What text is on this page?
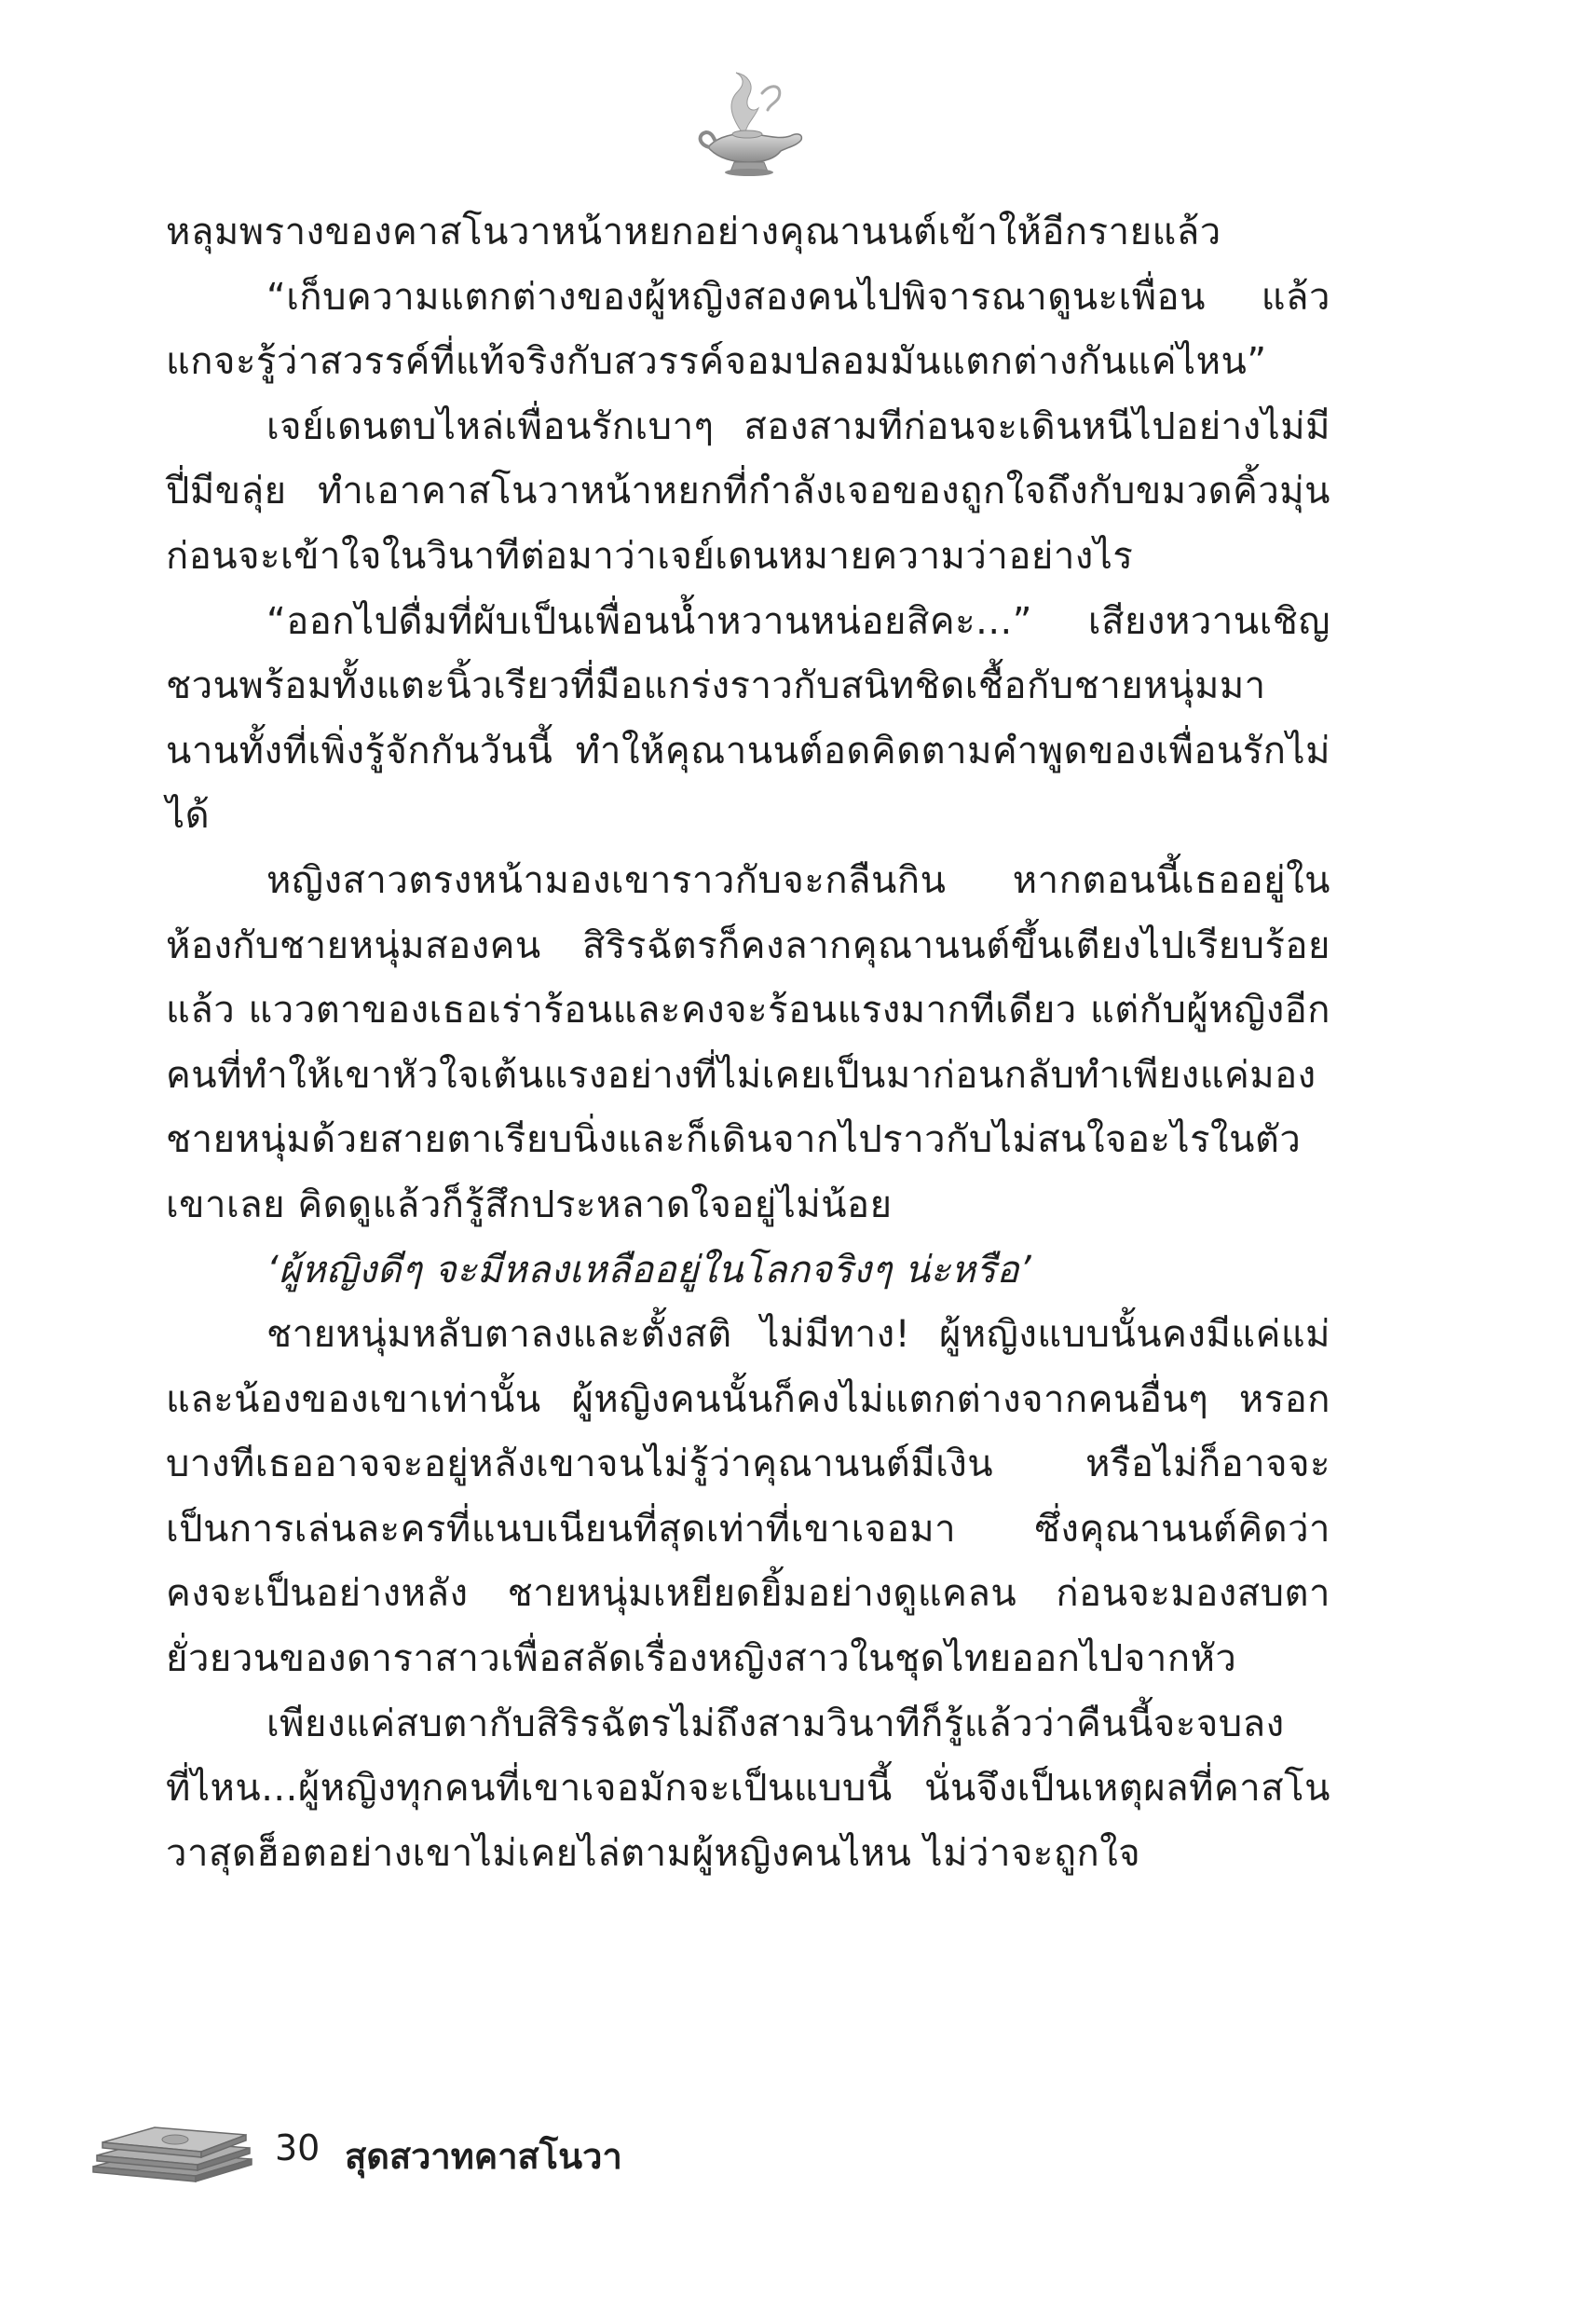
หลุมพรางของคาสโนวาหน้าหยกอย่างคุณานนต์เข้าให้อีกรายแล้ว

“เก็บความแตกต่างของผู้หญิงสองคนไปพิจารณาดูนะเพื่อน แล้วแกจะรู้ว่าสวรรค์ที่แท้จริงกับสวรรค์จอมปลอมมันแตกต่างกันแค่ไหน”

เจย์เดนตบไหล่เพื่อนรักเบาๆ สองสามทีก่อนจะเดินหนีไปอย่างไม่มีปี่มีขลุ่ย ทำเอาคาสโนวาหน้าหยกที่กำลังเจอของถูกใจถึงกับขมวดคิ้วมุ่น ก่อนจะเข้าใจในวินาทีต่อมาว่าเจย์เดนหมายความว่าอย่างไร

“ออกไปดื่มที่ผับเป็นเพื่อนน้ำหวานหน่อยสิคะ...” เสียงหวานเชิญชวนพร้อมทั้งแตะนิ้วเรียวที่มือแกร่งราวกับสนิทชิดเชื้อกับชายหนุ่มมานานทั้งที่เพิ่งรู้จักกันวันนี้ ทำให้คุณานนต์อดคิดตามคำพูดของเพื่อนรักไม่ได้

หญิงสาวตรงหน้ามองเขาราวกับจะกลืนกิน หากตอนนี้เธออยู่ในห้องกับชายหนุ่มสองคน สิริรฉัตรก็คงลากคุณานนต์ขึ้นเตียงไปเรียบร้อยแล้ว แววตาของเธอเร่าร้อนและคงจะร้อนแรงมากทีเดียว แต่กับผู้หญิงอีกคนที่ทำให้เขาหัวใจเต้นแรงอย่างที่ไม่เคยเป็นมาก่อนกลับทำเพียงแค่มองชายหนุ่มด้วยสายตาเรียบนิ่งและก็เดินจากไปราวกับไม่สนใจอะไรในตัวเขาเลย คิดดูแล้วก็รู้สึกประหลาดใจอยู่ไม่น้อย

‘ผู้หญิงดีๆ จะมีหลงเหลืออยู่ในโลกจริงๆ น่ะหรือ’

ชายหนุ่มหลับตาลงและตั้งสติ ไม่มีทาง! ผู้หญิงแบบนั้นคงมีแค่แม่และน้องของเขาเท่านั้น ผู้หญิงคนนั้นก็คงไม่แตกต่างจากคนอื่นๆ หรอก บางทีเธออาจจะอยู่หลังเขาจนไม่รู้ว่าคุณานนต์มีเงิน หรือไม่ก็อาจจะเป็นการเล่นละครที่แนบเนียนที่สุดเท่าที่เขาเจอมา ซึ่งคุณานนต์คิดว่าคงจะเป็นอย่างหลัง ชายหนุ่มเหยียดยิ้มอย่างดูแคลน ก่อนจะมองสบตายั่วยวนของดาราสาวเพื่อสลัดเรื่องหญิงสาวในชุดไทยออกไปจากหัว

เพียงแค่สบตากับสิริรฉัตรไม่ถึงสามวินาทีก็รู้แล้วว่าคืนนี้จะจบลงที่ไหน...ผู้หญิงทุกคนที่เขาเจอมักจะเป็นแบบนี้ นั่นจึงเป็นเหตุผลที่คาสโนวาสุดฮ็อตอย่างเขาไม่เคยไล่ตามผู้หญิงคนไหน ไม่ว่าจะถูกใจ

30 สุดสวาทคาสโนวา
